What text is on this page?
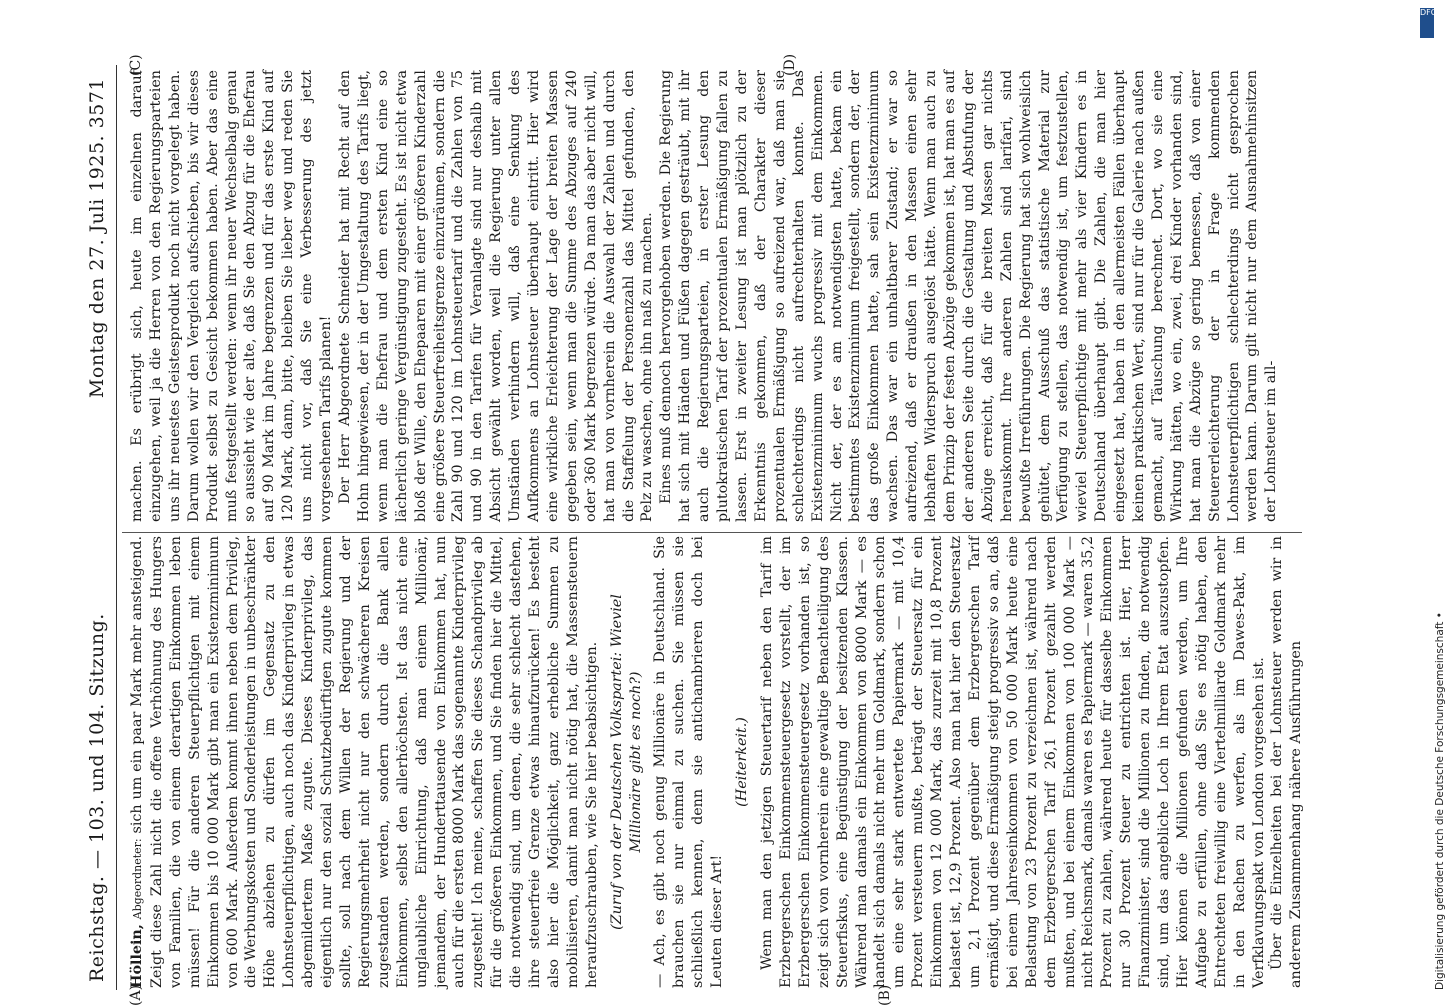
Reichstag. — 103. und 104. Sitzung.
Montag den 27. Juli 1925. 3571
(A)	(B)
(C)	(D)

Höllein, Abgeordneter: sich um ein paar Mark mehr ansteigend. Zeigt diese Zahl nicht die offene Verhöhnung des Hungers von Familien, die von einem derartigen Einkommen leben müssen! Für die anderen Steuerpflichtigen mit einem Einkommen bis 10 000 Mark gibt man ein Existenzminimum von 600 Mark. Außerdem kommt ihnen neben dem Privileg, die Werbungskosten und Sonderleistungen in unbeschränkter Höhe abziehen zu dürfen im Gegensatz zu den Lohnsteuerpflichtigen, auch noch das Kinderprivileg in etwas abgemildertem Maße zugute. Dieses Kinderprivileg, das eigentlich nur den sozial Schutzbedürftigen zugute kommen sollte, soll nach dem Willen der Regierung und der Regierungsmehrheit nicht nur den schwächeren Kreisen zugestanden werden, sondern durch die Bank allen Einkommen, selbst den allerhöchsten. Ist das nicht eine unglaubliche Einrichtung, daß man einem Millionär, jemandem, der Hunderttausende von Einkommen hat, nun auch für die ersten 8000 Mark das sogenannte Kinderprivileg zugesteht! Ich meine, schaffen Sie dieses Schandprivileg ab für die größeren Einkommen, und Sie finden hier die Mittel, die notwendig sind, um denen, die sehr schlecht dastehen, ihre steuerfreie Grenze etwas hinaufzurücken! Es besteht also hier die Möglichkeit, ganz erhebliche Summen zu mobilisieren, damit man nicht nötig hat, die Massensteuern heraufzuschrauben, wie Sie hier beabsichtigen. (Zuruf von der Deutschen Volkspartei: Wieviel Millionäre gibt es noch?) — Ach, es gibt noch genug Millionäre in Deutschland. Sie brauchen sie nur einmal zu suchen. Sie müssen sie schließlich kennen, denn sie antichambrieren doch bei Leuten dieser Art!

(Heiterkeit.) Wenn man den jetzigen Steuertarif neben den Tarif im Erzbergerschen Einkommensteuergesetz vorstellt, der im Erzbergerschen Einkommensteuergesetz vorhanden ist, so zeigt sich von vornherein eine gewaltige Benachteiligung des Steuerfiskus, eine Begünstigung der besitzenden Klassen. Während man damals ein Einkommen von 8000 Mark — es handelt sich damals nicht mehr um Goldmark, sondern schon um eine sehr stark entwertete Papiermark — mit 10,4 Prozent versteuern mußte, beträgt der Steuersatz für ein Einkommen von 12 000 Mark, das zurzeit mit 10,8 Prozent belastet ist, 12,9 Prozent. Also man hat hier den Steuersatz um 2,1 Prozent gegenüber dem Erzbergerschen Tarif ermäßigt, und diese Ermäßigung steigt progressiv so an, daß bei einem Jahreseinkommen von 50 000 Mark heute eine Belastung von 23 Prozent zu verzeichnen ist, während nach dem Erzbergerschen Tarif 26,1 Prozent gezahlt werden mußten, und bei einem Einkommen von 100 000 Mark — nicht Reichsmark, damals waren es Papiermark — waren 35,2 Prozent zu zahlen, während heute für dasselbe Einkommen nur 30 Prozent Steuer zu entrichten ist. Hier, Herr Finanzminister, sind die Millionen zu finden, die notwendig sind, um das angebliche Loch in Ihrem Etat auszustopfen. Hier können die Millionen gefunden werden, um Ihre Aufgabe zu erfüllen, ohne daß Sie es nötig haben, den Entrechteten freiwillig eine Viertelmilliarde Goldmark mehr in den Rachen zu werfen, als im Dawes-Pakt, im Verfklavungspakt von London vorgesehen ist. Über die Einzelheiten bei der Lohnsteuer werden wir in anderem Zusammenhang nähere Ausführungen

machen. Es erübrigt sich, heute im einzelnen darauf einzugehen, weil ja die Herren von den Regierungsparteien uns ihr neuestes Geistesprodukt noch nicht vorgelegt haben. Darum wollen wir den Vergleich aufschieben, bis wir dieses Produkt selbst zu Gesicht bekommen haben. Aber das eine muß festgestellt werden: wenn ihr neuer Wechselbalg genau so aussieht wie der alte, daß Sie den Abzug für die Ehefrau auf 90 Mark im Jahre begrenzen und für das erste Kind auf 120 Mark, dann, bitte, bleiben Sie lieber weg und reden Sie uns nicht vor, daß Sie eine Verbesserung des jetzt vorgesehenen Tarifs planen! Der Herr Abgeordnete Schneider hat mit Recht auf den Hohn hingewiesen, der in der Umgestaltung des Tarifs liegt, wenn man die Ehefrau und dem ersten Kind eine so lächerlich geringe Vergünstigung zugesteht. Es ist nicht etwa bloß der Wille, den Ehepaaren mit einer größeren Kinderzahl eine größere Steuerfreiheitsgrenze einzuräumen, sondern die Zahl 90 und 120 im Lohnsteuertarif und die Zahlen von 75 und 90 in den Tarifen für Veranlagte sind nur deshalb mit Absicht gewählt worden, weil die Regierung unter allen Umständen verhindern will, daß eine Senkung des Aufkommens an Lohnsteuer überhaupt eintritt. Hier wird eine wirkliche Erleichterung der Lage der breiten Massen gegeben sein, wenn man die Summe des Abzuges auf 240 oder 360 Mark begrenzen würde. Da man das aber nicht will, hat man von vornherein die Auswahl der Zahlen und durch die Staffelung der Personenzahl das Mittel gefunden, den Pelz zu waschen, ohne ihn naß zu machen. Eines muß dennoch hervorgehoben werden. Die Regierung hat sich mit Händen und Füßen dagegen gesträubt, mit ihr auch die Regierungsparteien, in erster Lesung den plutokratischen Tarif der prozentualen Ermäßigung fallen zu lassen. Erst in zweiter Lesung ist man plötzlich zu der Erkenntnis gekommen, daß der Charakter dieser prozentualen Ermäßigung so aufreizend war, daß man sie schlechterdings nicht aufrechterhalten konnte. Das Existenzminimum wuchs progressiv mit dem Einkommen. Nicht der, der es am notwendigsten hatte, bekam ein bestimmtes Existenzminimum freigestellt, sondern der, der das große Einkommen hatte, sah sein Existenzminimum wachsen. Das war ein unhaltbarer Zustand; er war so aufreizend, daß er draußen in den Massen einen sehr lebhaften Widerspruch ausgelöst hätte. Wenn man auch zu dem Prinzip der festen Abzüge gekommen ist, hat man es auf der anderen Seite durch die Gestaltung und Abstufung der Abzüge erreicht, daß für die breiten Massen gar nichts herauskommt. Ihre anderen Zahlen sind larifari, sind bewußte Irreführungen. Die Regierung hat sich wohlweislich gehütet, dem Ausschuß das statistische Material zur Verfügung zu stellen, das notwendig ist, um festzustellen, wieviel Steuerpflichtige mit mehr als vier Kindern es in Deutschland überhaupt gibt. Die Zahlen, die man hier eingesetzt hat, haben in den allermeisten Fällen überhaupt keinen praktischen Wert, sind nur für die Galerie nach außen gemacht, auf Täuschung berechnet. Dort, wo sie eine Wirkung hätten, wo ein, zwei, drei Kinder vorhanden sind, hat man die Abzüge so gering bemessen, daß von einer Steuererleichterung der in Frage kommenden Lohnsteuerpflichtigen schlechterdings nicht gesprochen werden kann. Darum gilt nicht nur dem Ausnahmehinsitzen der Lohnsteuer im all-

DFG
Digitalisierung gefördert durch die Deutsche Forschungsgemeinschaft •
